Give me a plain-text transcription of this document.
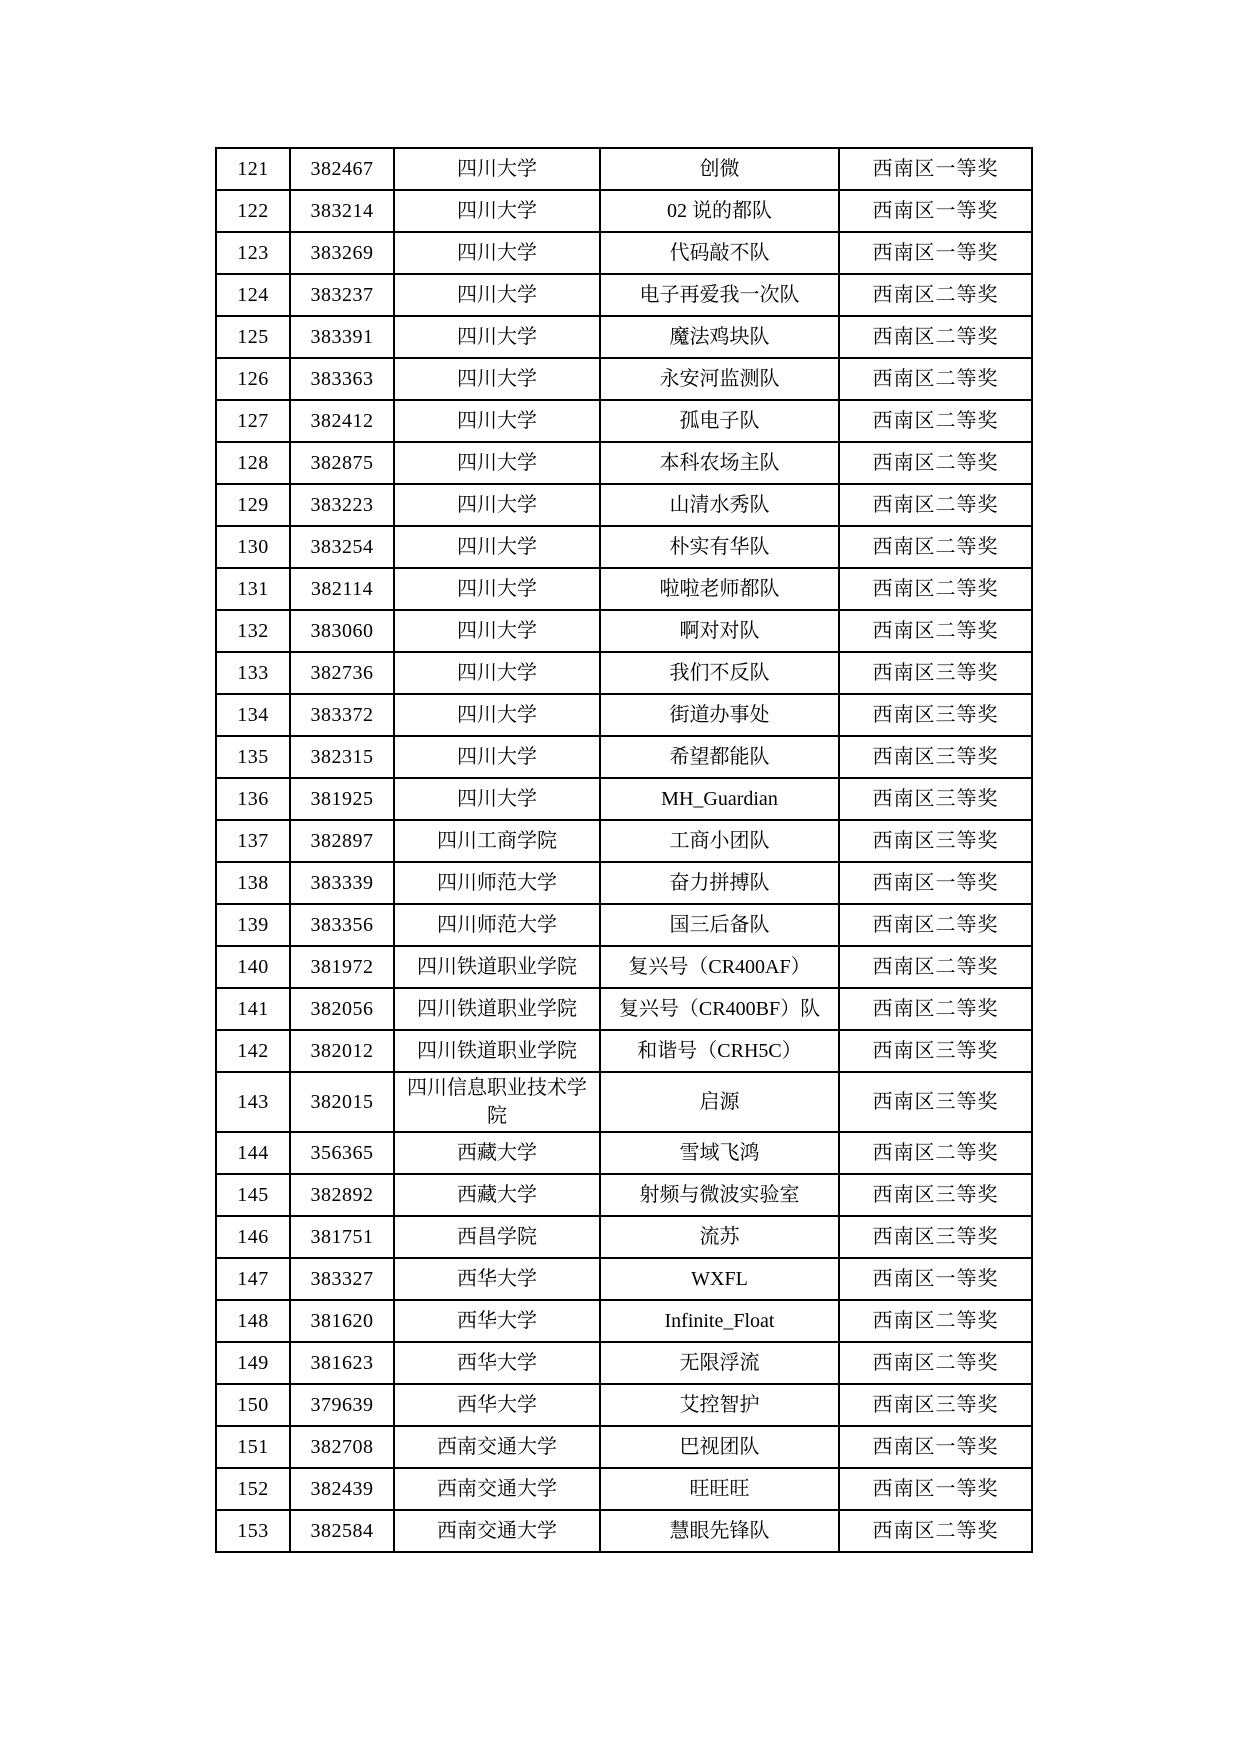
121	382467	四川大学	创微	西南区一等奖
122	383214	四川大学	02 说的都队	西南区一等奖
123	383269	四川大学	代码敲不队	西南区一等奖
124	383237	四川大学	电子再爱我一次队	西南区二等奖
125	383391	四川大学	魔法鸡块队	西南区二等奖
126	383363	四川大学	永安河监测队	西南区二等奖
127	382412	四川大学	孤电子队	西南区二等奖
128	382875	四川大学	本科农场主队	西南区二等奖
129	383223	四川大学	山清水秀队	西南区二等奖
130	383254	四川大学	朴实有华队	西南区二等奖
131	382114	四川大学	啦啦老师都队	西南区二等奖
132	383060	四川大学	啊对对队	西南区二等奖
133	382736	四川大学	我们不反队	西南区三等奖
134	383372	四川大学	街道办事处	西南区三等奖
135	382315	四川大学	希望都能队	西南区三等奖
136	381925	四川大学	MH_Guardian	西南区三等奖
137	382897	四川工商学院	工商小团队	西南区三等奖
138	383339	四川师范大学	奋力拼搏队	西南区一等奖
139	383356	四川师范大学	国三后备队	西南区二等奖
140	381972	四川铁道职业学院	复兴号（CR400AF）	西南区二等奖
141	382056	四川铁道职业学院	复兴号（CR400BF）队	西南区二等奖
142	382012	四川铁道职业学院	和谐号（CRH5C）	西南区三等奖
143	382015	四川信息职业技术学院	启源	西南区三等奖
144	356365	西藏大学	雪域飞鸿	西南区二等奖
145	382892	西藏大学	射频与微波实验室	西南区三等奖
146	381751	西昌学院	流苏	西南区三等奖
147	383327	西华大学	WXFL	西南区一等奖
148	381620	西华大学	Infinite_Float	西南区二等奖
149	381623	西华大学	无限浮流	西南区二等奖
150	379639	西华大学	艾控智护	西南区三等奖
151	382708	西南交通大学	巴视团队	西南区一等奖
152	382439	西南交通大学	旺旺旺	西南区一等奖
153	382584	西南交通大学	慧眼先锋队	西南区二等奖
